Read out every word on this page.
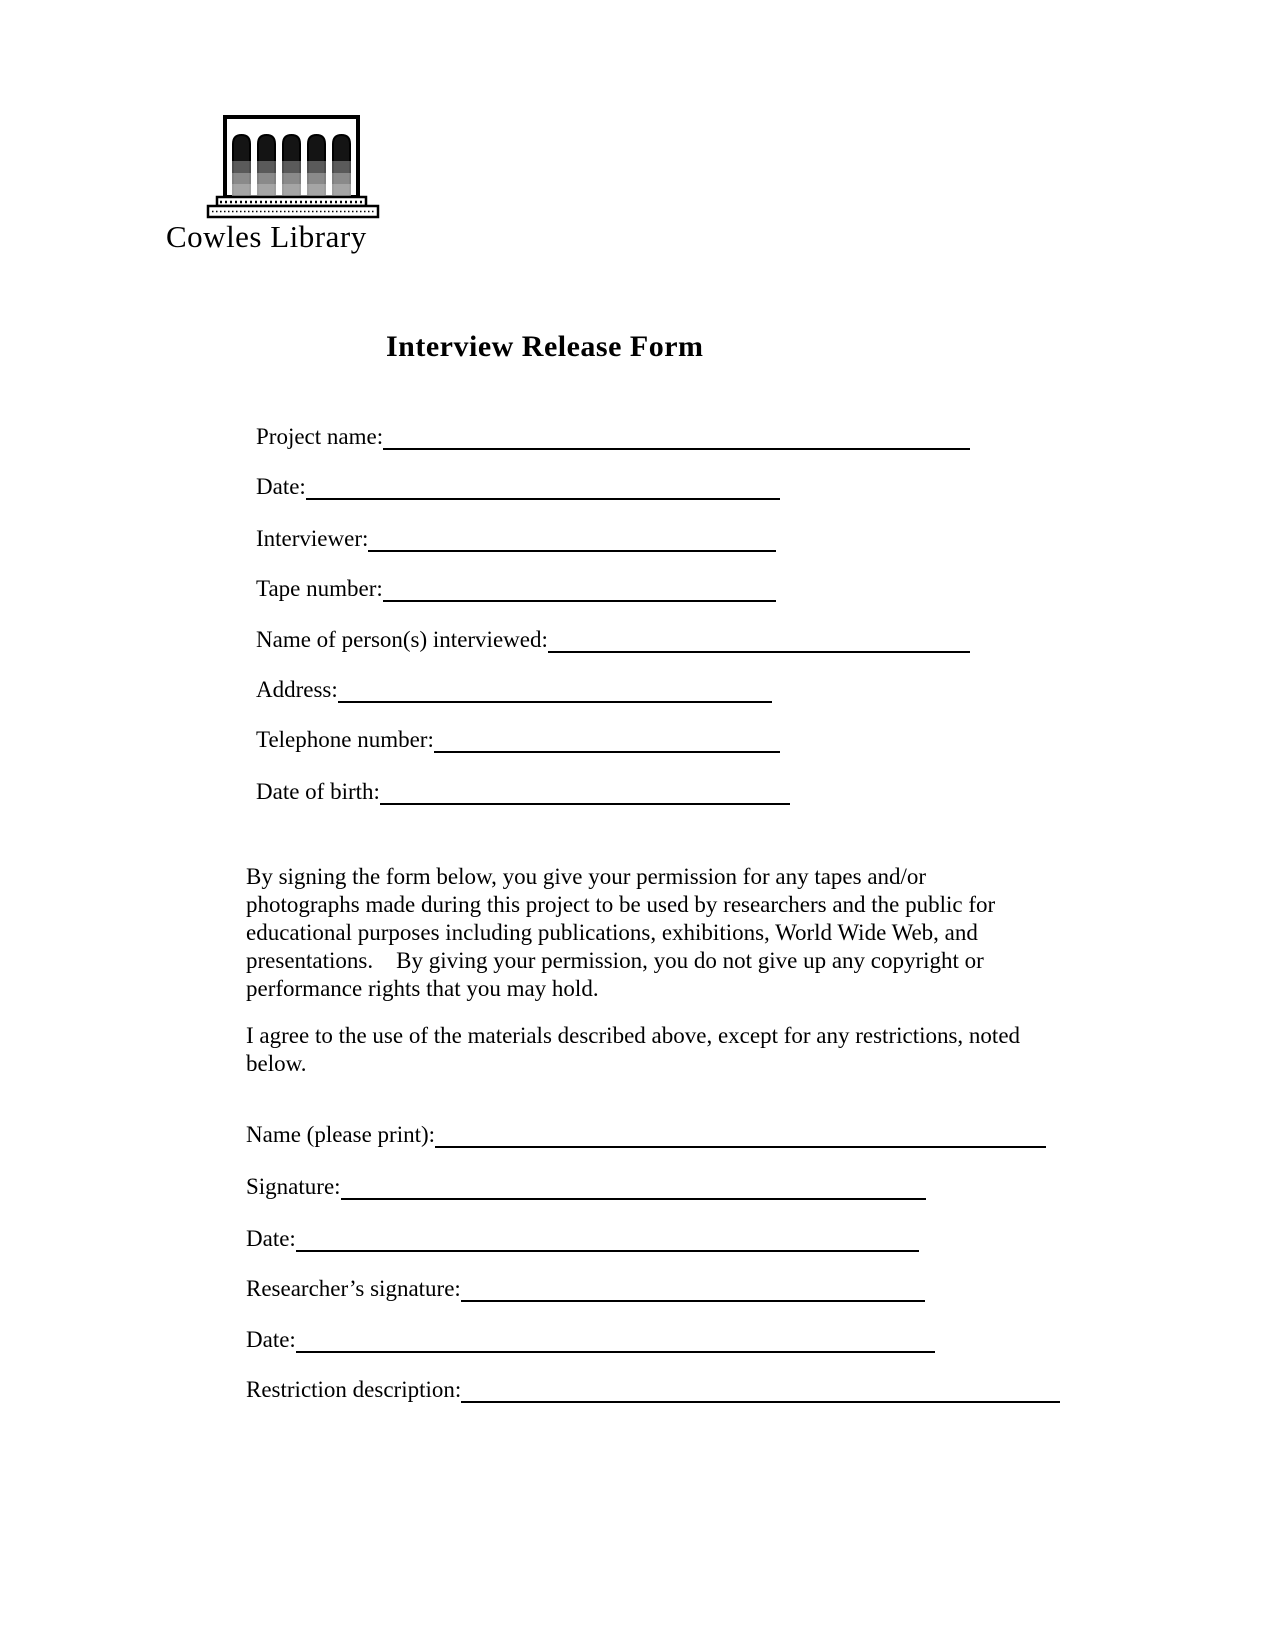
Cowles Library
Interview Release Form
Project name:
Date:
Interviewer:
Tape number:
Name of person(s) interviewed:
Address:
Telephone number:
Date of birth:
By signing the form below, you give your permission for any tapes and/or photographs made during this project to be used by researchers and the public for educational purposes including publications, exhibitions, World Wide Web, and presentations.    By giving your permission, you do not give up any copyright or performance rights that you may hold.
I agree to the use of the materials described above, except for any restrictions, noted below.
Name (please print):
Signature:
Date:
Researcher’s signature:
Date:
Restriction description:
